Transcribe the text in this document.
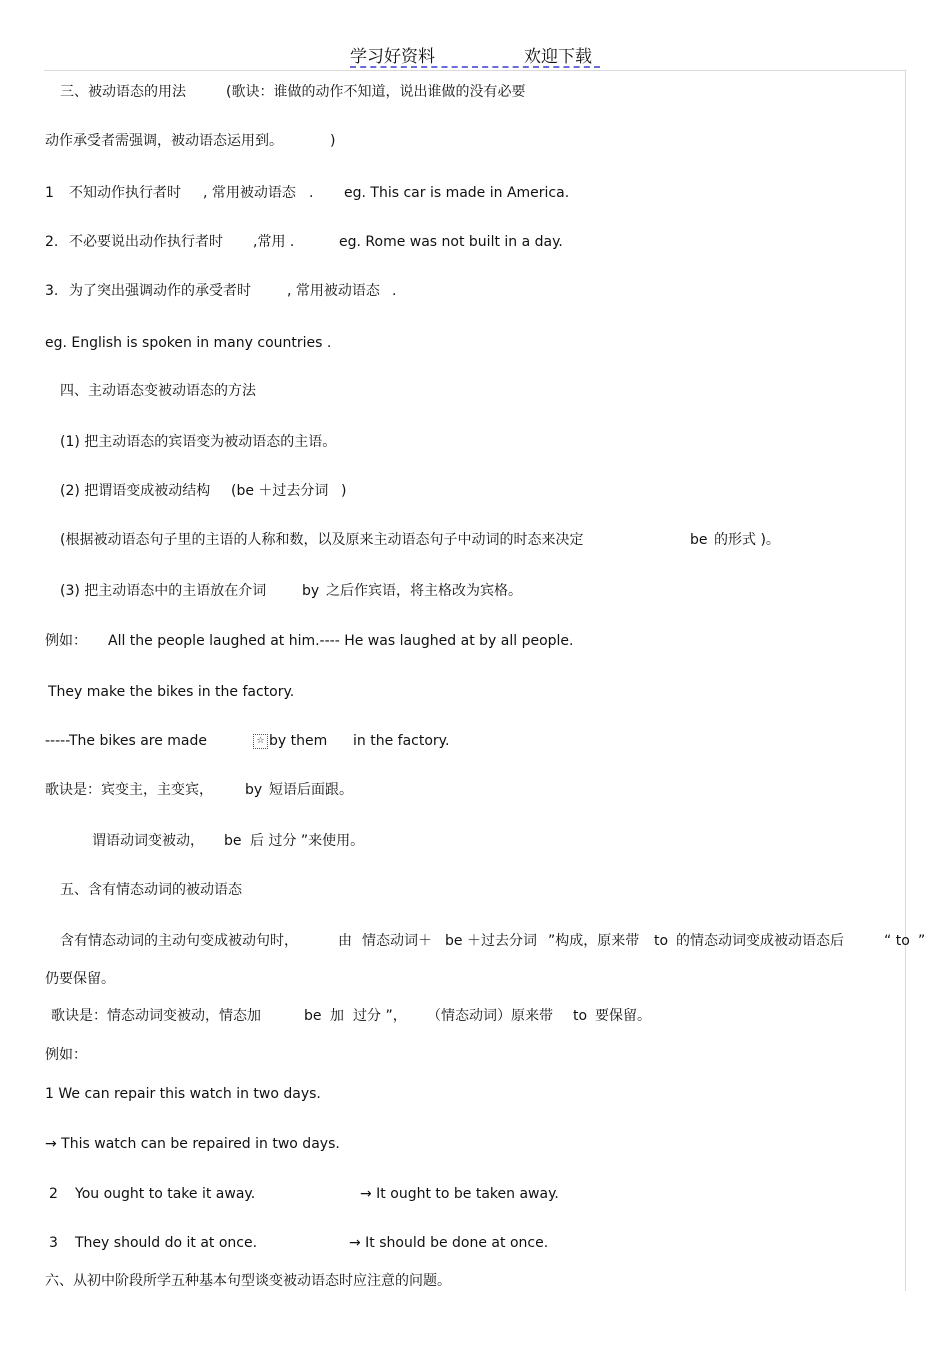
学习好资料	欢迎下载
三、被动语态的用法	(歌诀：谁做的动作不知道，说出谁做的没有必要
动作承受者需强调，被动语态运用到。	)
1 不知动作执行者时 , 常用被动语态 . eg. This car is made in America.
2. 不必要说出动作执行者时 ,常用 .	eg. Rome was not built in a day.
3. 为了突出强调动作的承受者时	, 常用被动语态 .
eg. English is spoken in many countries .
四、主动语态变被动语态的方法
(1) 把主动语态的宾语变为被动语态的主语。
(2) 把谓语变成被动结构 (be ＋过去分词 )
(根据被动语态句子里的主语的人称和数，以及原来主动语态句子中动词的时态来决定	be 的形式 )。
(3) 把主动语态中的主语放在介词	by 之后作宾语，将主格改为宾格。
例如： All the people laughed at him.---- He was laughed at by all people.
They make the bikes in the factory.
-----The bikes are made	☆ by them in the factory.
歌诀是：宾变主，主变宾， by 短语后面跟。
谓语动词变被动， be 后 过分 ”来使用。
五、含有情态动词的被动语态
含有情态动词的主动句变成被动句时，	由 情态动词＋ be ＋过去分词 ”构成，原来带 to 的情态动词变成被动语态后	“ to ”
仍要保留。
歌诀是：情态动词变被动，情态加	be 加 过分 ”， （情态动词）原来带 to 要保留。
例如：
1 We can repair this watch in two days.
→ This watch can be repaired in two days.
2 You ought to take it away.	→ It ought to be taken away.
3 They should do it at once.	→ It should be done at once.
六、从初中阶段所学五种基本句型谈变被动语态时应注意的问题。
